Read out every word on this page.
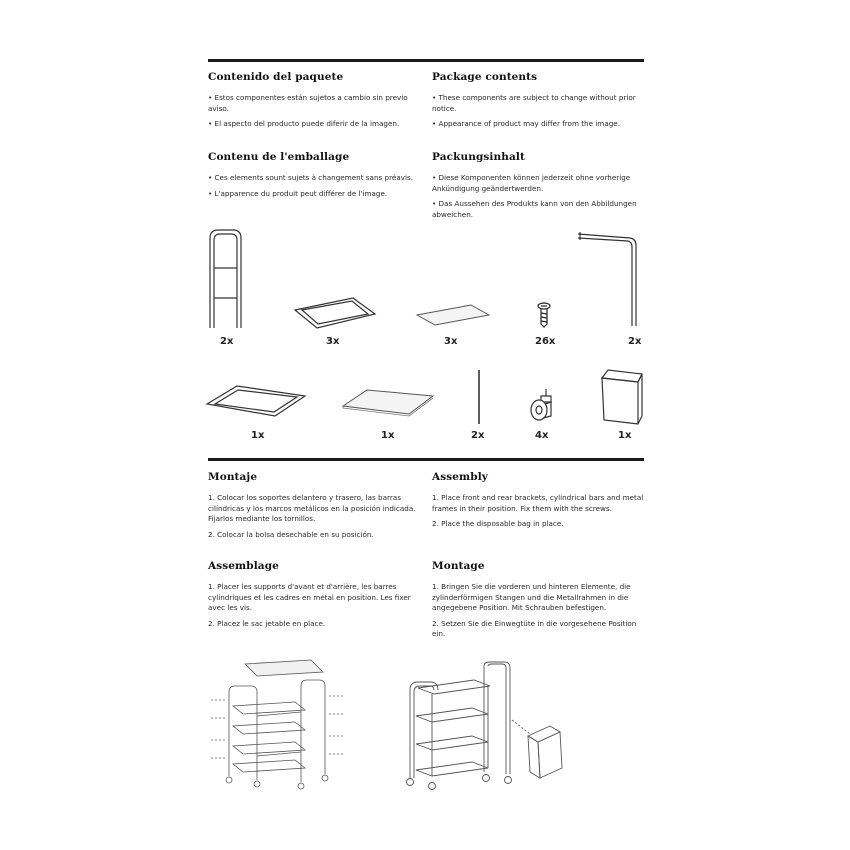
Contenido del paquete
• Estos componentes están sujetos a cambio sin previo aviso.
• El aspecto del producto puede diferir de la imagen.
Package contents
• These components are subject to change without prior notice.
• Appearance of product may differ from the image.
Contenu de l'emballage
• Ces elements sount sujets à changement sans préavis.
• L'apparence du produit peut différer de l'image.
Packungsinhalt
• Diese Komponenten können jederzeit ohne vorherige Ankündigung geändertwerden.
• Das Aussehen des Produkts kann von den Abbildungen abweichen.
2x	3x	3x	26x	2x
1x	1x	2x	4x	1x
Montaje
1. Colocar los soportes delantero y trasero, las barras cilíndricas y los marcos metálicos en la posición indicada. Fijarlos mediante los tornillos.
2. Colocar la bolsa desechable en su posición.
Assembly
1. Place front and rear brackets, cylindrical bars and metal frames in their position. Fix them with the screws.
2. Place the disposable bag in place.
Assemblage
1. Placer les supports d'avant et d'arrière, les barres cylindriques et les cadres en métal en position. Les fixer avec les vis.
2. Placez le sac jetable en place.
Montage
1. Bringen Sie die vorderen und hinteren Elemente, die zylinderförmigen Stangen und die Metallrahmen in die angegebene Position. Mit Schrauben befestigen.
2. Setzen Sie die Einwegtüte in die vorgesehene Position ein.
